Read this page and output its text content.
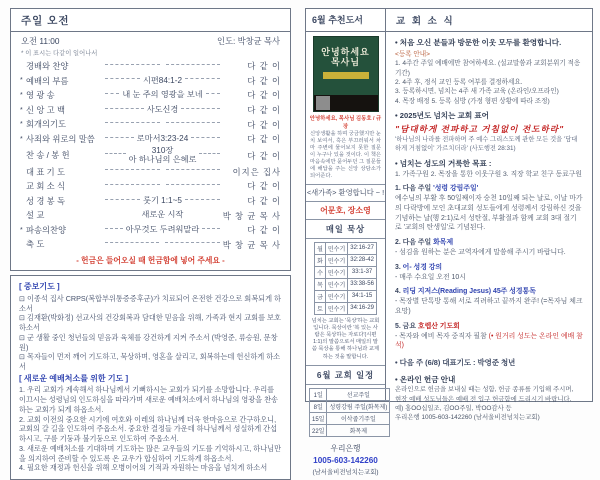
주일 오전
오전 11:00	인도: 박창균 목사
* 이 표시는 다같이 일어나서
경배와 찬양	다 같 이
* 예배의 부름	시편84:1-2	다 같 이
* 영 광 송	내 눈 주의 영광을 보네	다 같 이
* 신 앙 고 백	사도신경	다 같 이
* 회개의기도	다 같 이
* 사죄와 위로의 말씀	로마서3:23-24	다 같 이
찬 송 / 봉 헌	310장
아 하나님의 은혜로	다 같 이
대 표 기 도	이지은 집사
교 회 소 식	다 같 이
성 경 봉 독	룻기 1:1~5	다 같 이
설 교	새로운 시작	박 창 균 목 사
* 파송의찬양	아무것도 두려워말라	다 같 이
축 도	박 창 균 목 사
- 헌금은 들어오실 때 헌금함에 넣어 주세요 -
[ 중보기도 ]
⊡ 이종석 집사 CRPS(복합부위통증증후군)가 치료되어 온전한 건강으로 회복되게 하소서
⊡ 김재환(박화정) 선교사의 건강회복과 담대한 믿음을 위해, 가족과 현지 교회를 보호하소서
⊡ 군 생활 중인 청년들의 믿음과 육체를 강건하게 지켜 주소서 (박영준, 류승원, 문창원)
⊡ 목자들이 먼저 깨어 기도하고, 묵상하며, 영혼을 살리고, 회복하는데 헌신하게 하소서
[ 새로운 예배처소를 위한 기도 ]
1. 우리 교회가 계속해서 하나님께서 기뻐하시는 교회가 되기를 소망합니다. 우리를 이끄시는 성령님의 인도하심을 따라가며 새로운 예배처소에서 하나님의 영광을 찬송하는 교회가 되게 하옵소서.
2. 교회 이전의 중요한 시기에 여호와 이레의 하나님께 더욱 한마음으로 간구하오니, 교회의 갈 길을 인도하여 주옵소서. 중요한 결정들 가운데 하나님께서 성실하게 간섭하시고, 구름 기둥과 불기둥으로 인도하여 주옵소서.
3. 새로운 예배처소를 기대하며 기도하는 많은 교우들의 기도를 기억하시고, 하나님만을 의지하여 준비할 수 있도록 온 교우가 합심하여 기도하게 하옵소서.
4. 필요한 재정과 헌신을 위해 오병이어의 기적과 자원하는 마음을 넘치게 하소서
6월 추천도서	교 회 소 식
안녕하세요
목사님
안녕하세요, 목사님 김동호 / 규장
신앙생활을 하며 궁금했지만 눈치 보여서, 혹은 부끄러워서 차마 주변에 물어보지 못한 질문이 누구나 있을 것이다. 이 책은 마음속에만 묻어두던 그 질문들에 해답을 주는 신앙 상담소가 되어준다.
<새가족> 환영합니다 ~ !
어문호, 장소영
매일 묵상
월	민수기	32:16-27
화	민수기	32:28-42
수	민수기	33:1-37
목	민수기	33:38-56
금	민수기	34:1-15
토	민수기	34:16-29
넘치는 교회는 '묵상'하는 교회입니다. 묵상이란 '복 있는 사람은 묵상하는 자로다'(시편1:1)의 말씀으로서 매일의 말씀 묵상을 통해 하나님과 교제하는 것을 말합니다.
6월 교회 일정
1일	선교주일
8일	성령강림 주일(화목제)
15일	이삭줍기주일
22일	화목제
우리은행
1005-603-142260
(남서울비전넘치는교회)
• 처음 오신 분들과 방문한 이웃 모두를 환영합니다.
<등록 안내>
1. 4주간 주일 예배에만 참여하세요. (설교말씀과 교회분위기 적응 기간)
2. 4주 후, 정식 교인 등록 여부를 결정하세요.
3. 등록하시면, 넘치는 4주 새 가족 교육 (온라인/오프라인)
4. 목장 배정 5. 등록 심방 (가정 형편 상황에 따라 조정)
• 2025년도 넘치는 교회 표어
"담대하게 전파하고 거침없이 전도하라"
'하나님의 나라를 전파하며 주 예수 그리스도께 관한 모든 것을 '담대하게 거침없이' 가르치더라' (사도행전 28:31)
• 넘치는 성도의 거룩한 목표 :
1. 가족구원 2. 목장을 통한 이웃구원 3. 직장 학교 친구 동료구원
1. 다음 주일 '성령 강림주일'
예수님의 부활 후 50일째이자 승천 10일째 되는 날로, 이날 마가의 다락방에 모인 초대교회 성도들에게 성령께서 강림하신 것을 기념하는 날(행 2:1)로서 성탄절, 부활절과 함께 교회 3대 절기로 '교회의 탄생일'로 기념된다.
2. 다음 주일 화목제
- 섬김을 원하는 분은 교역자에게 말씀해 주시기 바랍니다.
3. 어- 성경 강의
- 매주 수요일 오전 10시
4. 리딩 지저스(Reading Jesus) 45주 성경통독
- 목장별 단톡방 통해 서로 격려하고 끝까지 완주! (=목자님 체크요망)
5. 금요 호렙산 기도회
- 목자와 예비 목자 중직자 필참 (• 원거리 성도는 온라인 예배 참석)
• 다음 주 (6/8) 대표기도 : 박영준 청년
• 온라인 헌금 안내
온라인으로 헌금을 보내실 때는 성함, 헌금 종류를 기입해 주시며,
현장 예배 성도님들은 예배 전 입구 헌금함에 드리시기 바랍니다.
예) 홍OO십일조, 김OO주일, 박OO감사 등
우리은행 1005-603-142260 (남서울비전넘치는교회)
